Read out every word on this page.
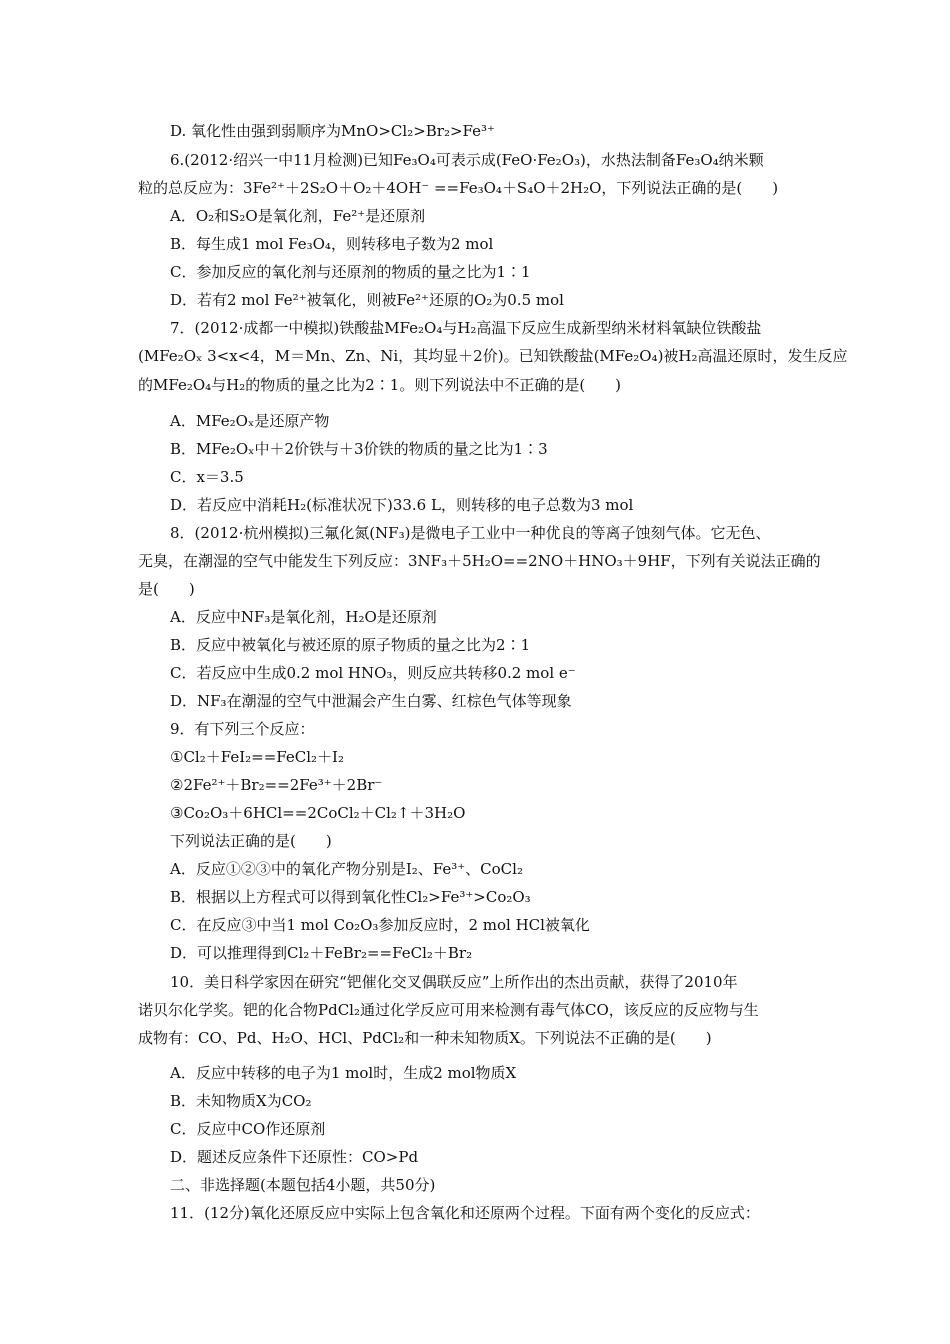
D. 氧化性由强到弱顺序为MnO>Cl₂>Br₂>Fe³⁺
6.(2012·绍兴一中11月检测)已知Fe₃O₄可表示成(FeO·Fe₂O₃)，水热法制备Fe₃O₄纳米颗
粒的总反应为：3Fe²⁺＋2S₂O＋O₂＋4OH⁻ ==Fe₃O₄＋S₄O＋2H₂O，下列说法正确的是(　　)
A．O₂和S₂O是氧化剂，Fe²⁺是还原剂
B．每生成1 mol Fe₃O₄，则转移电子数为2 mol
C．参加反应的氧化剂与还原剂的物质的量之比为1∶1
D．若有2 mol Fe²⁺被氧化，则被Fe²⁺还原的O₂为0.5 mol
7．(2012·成都一中模拟)铁酸盐MFe₂O₄与H₂高温下反应生成新型纳米材料氧缺位铁酸盐
(MFe₂Oₓ 3<x<4，M＝Mn、Zn、Ni，其均显＋2价)。已知铁酸盐(MFe₂O₄)被H₂高温还原时，发生反应
的MFe₂O₄与H₂的物质的量之比为2∶1。则下列说法中不正确的是(　　)
A．MFe₂Oₓ是还原产物
B．MFe₂Oₓ中＋2价铁与＋3价铁的物质的量之比为1∶3
C．x＝3.5
D．若反应中消耗H₂(标准状况下)33.6 L，则转移的电子总数为3 mol
8．(2012·杭州模拟)三氟化氮(NF₃)是微电子工业中一种优良的等离子蚀刻气体。它无色、
无臭，在潮湿的空气中能发生下列反应：3NF₃＋5H₂O==2NO＋HNO₃＋9HF，下列有关说法正确的
是(　　)
A．反应中NF₃是氧化剂，H₂O是还原剂
B．反应中被氧化与被还原的原子物质的量之比为2∶1
C．若反应中生成0.2 mol HNO₃，则反应共转移0.2 mol e⁻
D．NF₃在潮湿的空气中泄漏会产生白雾、红棕色气体等现象
9．有下列三个反应：
①Cl₂＋FeI₂==FeCl₂＋I₂
②2Fe²⁺＋Br₂==2Fe³⁺＋2Br⁻
③Co₂O₃＋6HCl==2CoCl₂＋Cl₂↑＋3H₂O
下列说法正确的是(　　)
A．反应①②③中的氧化产物分别是I₂、Fe³⁺、CoCl₂
B．根据以上方程式可以得到氧化性Cl₂>Fe³⁺>Co₂O₃
C．在反应③中当1 mol Co₂O₃参加反应时，2 mol HCl被氧化
D．可以推理得到Cl₂＋FeBr₂==FeCl₂＋Br₂
10．美日科学家因在研究“钯催化交叉偶联反应”上所作出的杰出贡献，获得了2010年
诺贝尔化学奖。钯的化合物PdCl₂通过化学反应可用来检测有毒气体CO，该反应的反应物与生
成物有：CO、Pd、H₂O、HCl、PdCl₂和一种未知物质X。下列说法不正确的是(　　)
A．反应中转移的电子为1 mol时，生成2 mol物质X
B．未知物质X为CO₂
C．反应中CO作还原剂
D．题述反应条件下还原性：CO>Pd
二、非选择题(本题包括4小题，共50分)
11．(12分)氧化还原反应中实际上包含氧化和还原两个过程。下面有两个变化的反应式：
